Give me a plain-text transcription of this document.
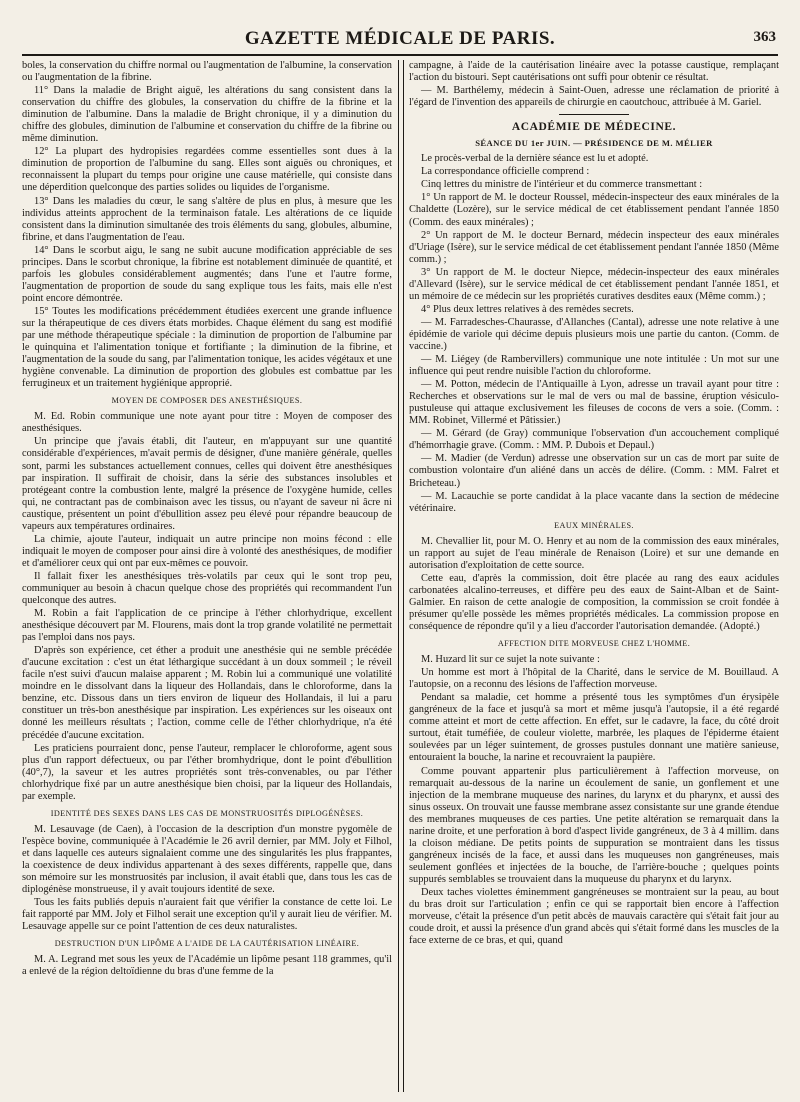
GAZETTE MÉDICALE DE PARIS.	363

boles, la conservation du chiffre normal ou l'augmentation de l'albumine, la conservation ou l'augmentation de la fibrine.

11° Dans la maladie de Bright aiguë, les altérations du sang consistent dans la conservation du chiffre des globules, la conservation du chiffre de la fibrine et la diminution de l'albumine. Dans la maladie de Bright chronique, il y a diminution du chiffre des globules, diminution de l'albumine et conservation du chiffre de la fibrine ou même diminution.

12° La plupart des hydropisies regardées comme essentielles sont dues à la diminution de proportion de l'albumine du sang. Elles sont aiguës ou chroniques, et reconnaissent la plupart du temps pour origine une cause matérielle, qui consiste dans une déperdition quelconque des parties solides ou liquides de l'organisme.

13° Dans les maladies du cœur, le sang s'altère de plus en plus, à mesure que les individus atteints approchent de la terminaison fatale. Les altérations de ce liquide consistent dans la diminution simultanée des trois éléments du sang, globules, albumine, fibrine, et dans l'augmentation de l'eau.

14° Dans le scorbut aigu, le sang ne subit aucune modification appréciable de ses principes. Dans le scorbut chronique, la fibrine est notablement diminuée de quantité, et parfois les globules considérablement augmentés; dans l'une et l'autre forme, l'augmentation de proportion de soude du sang explique tous les faits, mais elle n'est point encore démontrée.

15° Toutes les modifications précédemment étudiées exercent une grande influence sur la thérapeutique de ces divers états morbides. Chaque élément du sang est modifié par une méthode thérapeutique spéciale : la diminution de proportion de l'albumine par le quinquina et l'alimentation tonique et fortifiante ; la diminution de la fibrine, et l'augmentation de la soude du sang, par l'alimentation tonique, les acides végétaux et une hygiène convenable. La diminution de proportion des globules est combattue par les ferrugineux et un traitement hygiénique approprié.

MOYEN DE COMPOSER DES ANESTHÉSIQUES.

M. Ed. Robin communique une note ayant pour titre : Moyen de composer des anesthésiques.

Un principe que j'avais établi, dit l'auteur, en m'appuyant sur une quantité considérable d'expériences, m'avait permis de désigner, d'une manière générale, quelles sont, parmi les substances actuellement connues, celles qui doivent être anesthésiques par inspiration. Il suffirait de choisir, dans la série des substances insolubles et protégeant contre la combustion lente, malgré la présence de l'oxygène humide, celles qui, ne contractant pas de combinaison avec les tissus, ou n'ayant de saveur ni âcre ni caustique, présentent un point d'ébullition assez peu élevé pour répandre beaucoup de vapeurs aux températures ordinaires.

La chimie, ajoute l'auteur, indiquait un autre principe non moins fécond : elle indiquait le moyen de composer pour ainsi dire à volonté des anesthésiques, de modifier et d'améliorer ceux qui ont par eux-mêmes ce pouvoir.

Il fallait fixer les anesthésiques très-volatils par ceux qui le sont trop peu, communiquer au besoin à chacun quelque chose des propriétés qui recommandent l'un quelconque des autres.

M. Robin a fait l'application de ce principe à l'éther chlorhydrique, excellent anesthésique découvert par M. Flourens, mais dont la trop grande volatilité ne permettait pas l'emploi dans nos pays.

D'après son expérience, cet éther a produit une anesthésie qui ne semble précédée d'aucune excitation : c'est un état léthargique succédant à un doux sommeil ; le réveil facile n'est suivi d'aucun malaise apparent ; M. Robin lui a communiqué une volatilité moindre en le dissolvant dans la liqueur des Hollandais, dans le chloroforme, dans la benzine, etc. Dissous dans un tiers environ de liqueur des Hollandais, il lui a paru constituer un très-bon anesthésique par inspiration. Les expériences sur les oiseaux ont donné les meilleurs résultats ; l'action, comme celle de l'éther chlorhydrique, n'a été précédée d'aucune excitation.

Les praticiens pourraient donc, pense l'auteur, remplacer le chloroforme, agent sous plus d'un rapport défectueux, ou par l'éther bromhydrique, dont le point d'ébullition (40°,7), la saveur et les autres propriétés sont très-convenables, ou par l'éther chlorhydrique fixé par un autre anesthésique bien choisi, par la liqueur des Hollandais, par exemple.

IDENTITÉ DES SEXES DANS LES CAS DE MONSTRUOSITÉS DIPLOGÉNÈSES.

M. Lesauvage (de Caen), à l'occasion de la description d'un monstre pygomèle de l'espèce bovine, communiquée à l'Académie le 26 avril dernier, par MM. Joly et Filhol, et dans laquelle ces auteurs signalaient comme une des singularités les plus frappantes, la coexistence de deux individus appartenant à des sexes différents, rappelle que, dans son mémoire sur les monstruosités par inclusion, il avait établi que, dans tous les cas de diplogénèse monstrueuse, il y avait toujours identité de sexe.

Tous les faits publiés depuis n'auraient fait que vérifier la constance de cette loi. Le fait rapporté par MM. Joly et Filhol serait une exception qu'il y aurait lieu de vérifier. M. Lesauvage appelle sur ce point l'attention de ces deux naturalistes.

DESTRUCTION D'UN LIPÔME A L'AIDE DE LA CAUTÉRISATION LINÉAIRE.

M. A. Legrand met sous les yeux de l'Académie un lipôme pesant 118 grammes, qu'il a enlevé de la région deltoïdienne du bras d'une femme de la

campagne, à l'aide de la cautérisation linéaire avec la potasse caustique, remplaçant l'action du bistouri. Sept cautérisations ont suffi pour obtenir ce résultat.

— M. Barthélemy, médecin à Saint-Ouen, adresse une réclamation de priorité à l'égard de l'invention des appareils de chirurgie en caoutchouc, attribuée à M. Gariel.

ACADÉMIE DE MÉDECINE.
SÉANCE DU 1er JUIN. — PRÉSIDENCE DE M. MÉLIER

Le procès-verbal de la dernière séance est lu et adopté.

La correspondance officielle comprend :

Cinq lettres du ministre de l'intérieur et du commerce transmettant :

1° Un rapport de M. le docteur Roussel, médecin-inspecteur des eaux minérales de la Chaldette (Lozère), sur le service médical de cet établissement pendant l'année 1850 (Comm. des eaux minérales) ;

2° Un rapport de M. le docteur Bernard, médecin inspecteur des eaux minérales d'Uriage (Isère), sur le service médical de cet établissement pendant l'année 1850 (Même comm.) ;

3° Un rapport de M. le docteur Niepce, médecin-inspecteur des eaux minérales d'Allevard (Isère), sur le service médical de cet établissement pendant l'année 1851, et un mémoire de ce médecin sur les propriétés curatives desdites eaux (Même comm.) ;

4° Plus deux lettres relatives à des remèdes secrets.

— M. Farradesches-Chaurasse, d'Allanches (Cantal), adresse une note relative à une épidémie de variole qui décime depuis plusieurs mois une partie du canton. (Comm. de vaccine.)

— M. Liégey (de Rambervillers) communique une note intitulée : Un mot sur une influence qui peut rendre nuisible l'action du chloroforme.

— M. Potton, médecin de l'Antiquaille à Lyon, adresse un travail ayant pour titre : Recherches et observations sur le mal de vers ou mal de bassine, éruption vésiculo-pustuleuse qui attaque exclusivement les fileuses de cocons de vers a soie. (Comm. : MM. Robinet, Villermé et Pâtissier.)

— M. Gérard (de Gray) communique l'observation d'un accouchement compliqué d'hémorrhagie grave. (Comm. : MM. P. Dubois et Depaul.)

— M. Madier (de Verdun) adresse une observation sur un cas de mort par suite de combustion volontaire d'un aliéné dans un accès de délire. (Comm. : MM. Falret et Bricheteau.)

— M. Lacauchie se porte candidat à la place vacante dans la section de médecine vétérinaire.

EAUX MINÉRALES.

M. Chevallier lit, pour M. O. Henry et au nom de la commission des eaux minérales, un rapport au sujet de l'eau minérale de Renaison (Loire) et sur une demande en autorisation d'exploitation de cette source.

Cette eau, d'après la commission, doit être placée au rang des eaux acidules carbonatées alcalino-terreuses, et diffère peu des eaux de Saint-Alban et de Saint-Galmier. En raison de cette analogie de composition, la commission se croit fondée à présumer qu'elle possède les mêmes propriétés médicales. La commission propose en conséquence de répondre qu'il y a lieu d'accorder l'autorisation demandée. (Adopté.)

AFFECTION DITE MORVEUSE CHEZ L'HOMME.

M. Huzard lit sur ce sujet la note suivante :

Un homme est mort à l'hôpital de la Charité, dans le service de M. Bouillaud. A l'autopsie, on a reconnu des lésions de l'affection morveuse.

Pendant sa maladie, cet homme a présenté tous les symptômes d'un érysipèle gangréneux de la face et jusqu'à sa mort et même jusqu'à l'autopsie, il a été regardé comme atteint et mort de cette affection. En effet, sur le cadavre, la face, du côté droit surtout, était tuméfiée, de couleur violette, marbrée, les plaques de l'épiderme étaient soulevées par un léger suintement, de grosses pustules donnant une matière sanieuse, entouraient la bouche, la narine et recouvraient la paupière.

Comme pouvant appartenir plus particulièrement à l'affection morveuse, on remarquait au-dessous de la narine un écoulement de sanie, un gonflement et une injection de la membrane muqueuse des narines, du larynx et du pharynx, et aussi des sinus osseux. On trouvait une fausse membrane assez consistante sur une grande étendue des membranes muqueuses de ces parties. Une petite altération se remarquait dans la narine droite, et une perforation à bord d'aspect livide gangréneux, de 3 à 4 millim. dans la cloison médiane. De petits points de suppuration se montraient dans les tissus gangréneux incisés de la face, et aussi dans les muqueuses non gangréneuses, mais seulement gonflées et injectées de la bouche, de l'arrière-bouche ; quelques points suppurés semblables se trouvaient dans la muqueuse du pharynx et du larynx.

Deux taches violettes éminemment gangréneuses se montraient sur la peau, au bout du bras droit sur l'articulation ; enfin ce qui se rapportait bien encore à l'affection morveuse, c'était la présence d'un petit abcès de mauvais caractère qui s'était fait jour au coude droit, et aussi la présence d'un grand abcès qui s'était formé dans les muscles de la face externe de ce bras, et qui, quand
